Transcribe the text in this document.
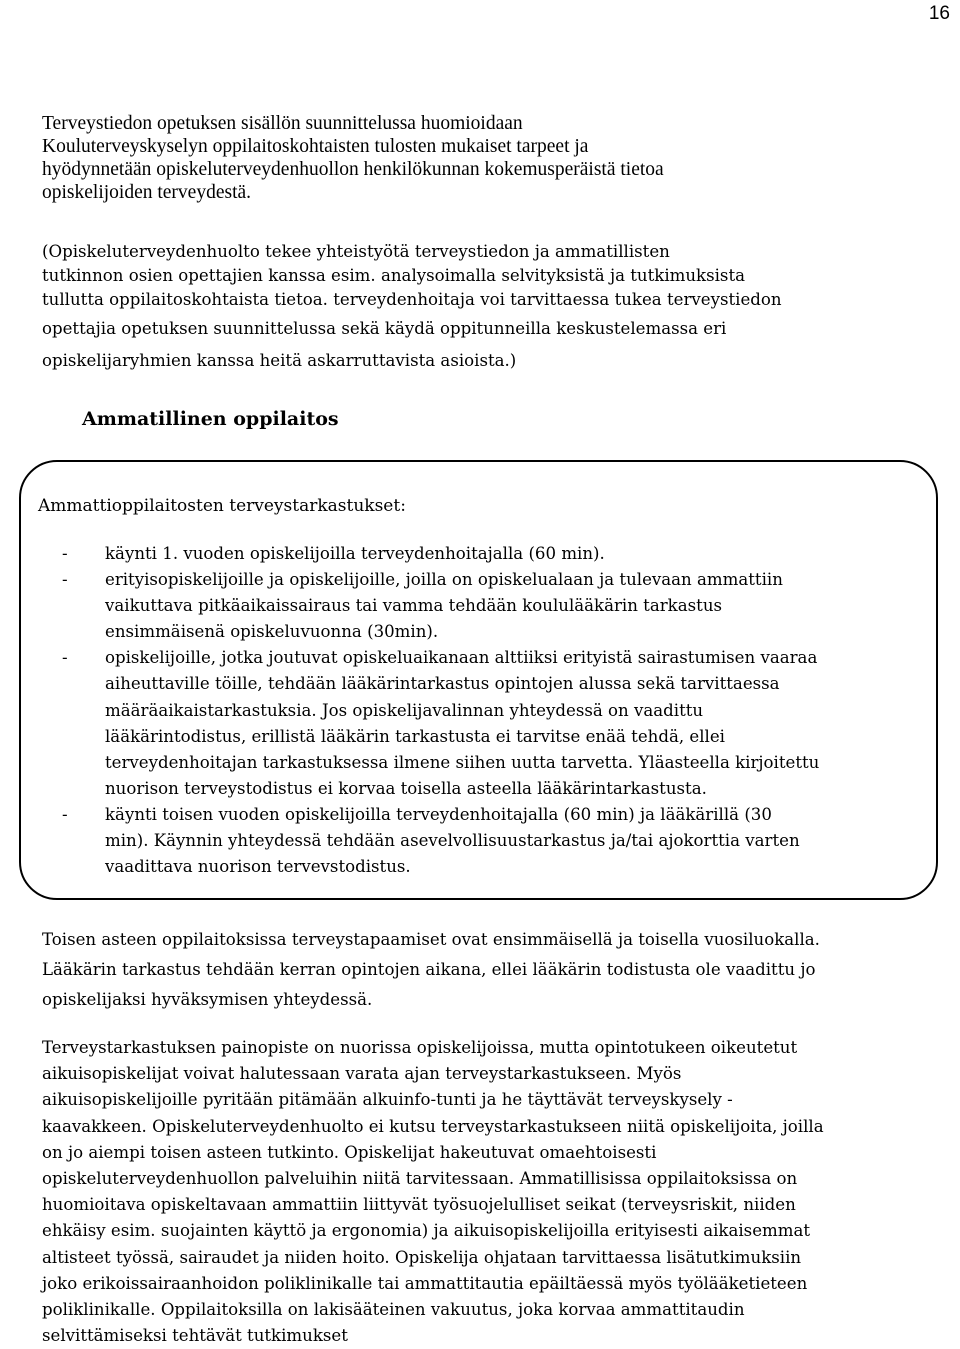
16
Terveystiedon opetuksen sisällön suunnittelussa huomioidaan
Kouluterveyskyselyn oppilaitoskohtaisten tulosten mukaiset tarpeet ja
hyödynnetään opiskeluterveydenhuollon henkilökunnan kokemusperäistä tietoa
opiskelijoiden terveydestä.
(Opiskeluterveydenhuolto tekee yhteistyötä terveystiedon ja ammatillisten
tutkinnon osien opettajien kanssa esim. analysoimalla selvityksistä ja tutkimuksista
tullutta oppilaitoskohtaista tietoa. terveydenhoitaja voi tarvittaessa tukea terveystiedon
opettajia opetuksen suunnittelussa sekä käydä oppitunneilla keskustelemassa eri
opiskelijaryhmien kanssa heitä askarruttavista asioista.)
Ammatillinen oppilaitos
Ammattioppilaitosten terveystarkastukset:
-	käynti 1. vuoden opiskelijoilla terveydenhoitajalla (60 min).
-	erityisopiskelijoille ja opiskelijoille, joilla on opiskelualaan ja tulevaan ammattiin
vaikuttava pitkäaikaissairaus tai vamma tehdään koululääkärin tarkastus
ensimmäisenä opiskeluvuonna (30min).
-	opiskelijoille, jotka joutuvat opiskeluaikanaan alttiiksi erityistä sairastumisen vaaraa
aiheuttaville töille, tehdään lääkärintarkastus opintojen alussa sekä tarvittaessa
määräaikaistarkastuksia. Jos opiskelijavalinnan yhteydessä on vaadittu
lääkärintodistus, erillistä lääkärin tarkastusta ei tarvitse enää tehdä, ellei
terveydenhoitajan tarkastuksessa ilmene siihen uutta tarvetta. Yläasteella kirjoitettu
nuorison terveystodistus ei korvaa toisella asteella lääkärintarkastusta.
-	käynti toisen vuoden opiskelijoilla terveydenhoitajalla (60 min) ja lääkärillä (30
min). Käynnin yhteydessä tehdään asevelvollisuustarkastus ja/tai ajokorttia varten
vaadittava nuorison tervevstodistus.
Toisen asteen oppilaitoksissa terveystapaamiset ovat ensimmäisellä ja toisella vuosiluokalla.
Lääkärin tarkastus tehdään kerran opintojen aikana, ellei lääkärin todistusta ole vaadittu jo
opiskelijaksi hyväksymisen yhteydessä.
Terveystarkastuksen painopiste on nuorissa opiskelijoissa, mutta opintotukeen oikeutetut
aikuisopiskelijat voivat halutessaan varata ajan terveystarkastukseen. Myös
aikuisopiskelijoille pyritään pitämään alkuinfo-tunti ja he täyttävät terveyskysely -
kaavakkeen. Opiskeluterveydenhuolto ei kutsu terveystarkastukseen niitä opiskelijoita, joilla
on jo aiempi toisen asteen tutkinto. Opiskelijat hakeutuvat omaehtoisesti
opiskeluterveydenhuollon palveluihin niitä tarvitessaan. Ammatillisissa oppilaitoksissa on
huomioitava opiskeltavaan ammattiin liittyvät työsuojelulliset seikat (terveysriskit, niiden
ehkäisy esim. suojainten käyttö ja ergonomia) ja aikuisopiskelijoilla erityisesti aikaisemmat
altisteet työssä, sairaudet ja niiden hoito. Opiskelija ohjataan tarvittaessa lisätutkimuksiin
joko erikoissairaanhoidon poliklinikalle tai ammattitautia epäiltäessä myös työlääketieteen
poliklinikalle. Oppilaitoksilla on lakisääteinen vakuutus, joka korvaa ammattitaudin
selvittämiseksi tehtävät tutkimukset
